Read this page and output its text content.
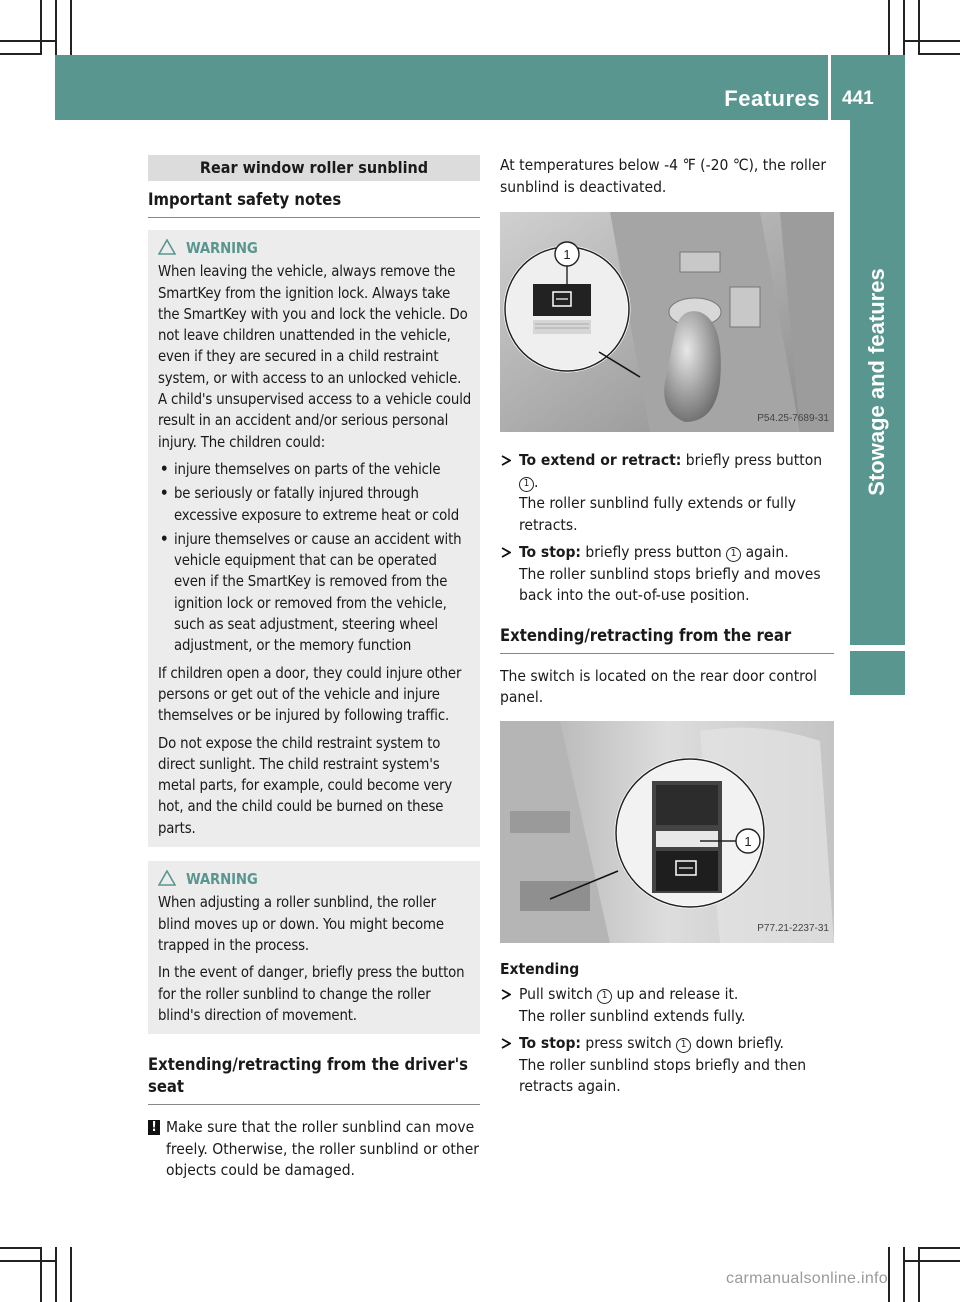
Features 441
Stowage and features
Rear window roller sunblind
Important safety notes
WARNING

When leaving the vehicle, always remove the SmartKey from the ignition lock. Always take the SmartKey with you and lock the vehicle. Do not leave children unattended in the vehicle, even if they are secured in a child restraint system, or with access to an unlocked vehicle. A child's unsupervised access to a vehicle could result in an accident and/or serious personal injury. The children could:

• injure themselves on parts of the vehicle
• be seriously or fatally injured through excessive exposure to extreme heat or cold
• injure themselves or cause an accident with vehicle equipment that can be operated even if the SmartKey is removed from the ignition lock or removed from the vehicle, such as seat adjustment, steering wheel adjustment, or the memory function

If children open a door, they could injure other persons or get out of the vehicle and injure themselves or be injured by following traffic.

Do not expose the child restraint system to direct sunlight. The child restraint system's metal parts, for example, could become very hot, and the child could be burned on these parts.

WARNING

When adjusting a roller sunblind, the roller blind moves up or down. You might become trapped in the process.

In the event of danger, briefly press the button for the roller sunblind to change the roller blind's direction of movement.

Extending/retracting from the driver's seat
! Make sure that the roller sunblind can move freely. Otherwise, the roller sunblind or other objects could be damaged.

At temperatures below -4 ℉ (-20 ℃), the roller sunblind is deactivated.

1
P54.25-7689-31
To extend or retract: briefly press button 1 .
The roller sunblind fully extends or fully retracts.
To stop: briefly press button 1 again.
The roller sunblind stops briefly and moves back into the out-of-use position.
Extending/retracting from the rear

The switch is located on the rear door control panel.

1
P77.21-2237-31

Extending

Pull switch 1 up and release it.
The roller sunblind extends fully.
To stop: press switch 1 down briefly.
The roller sunblind stops briefly and then retracts again.
carmanualsonline.info
